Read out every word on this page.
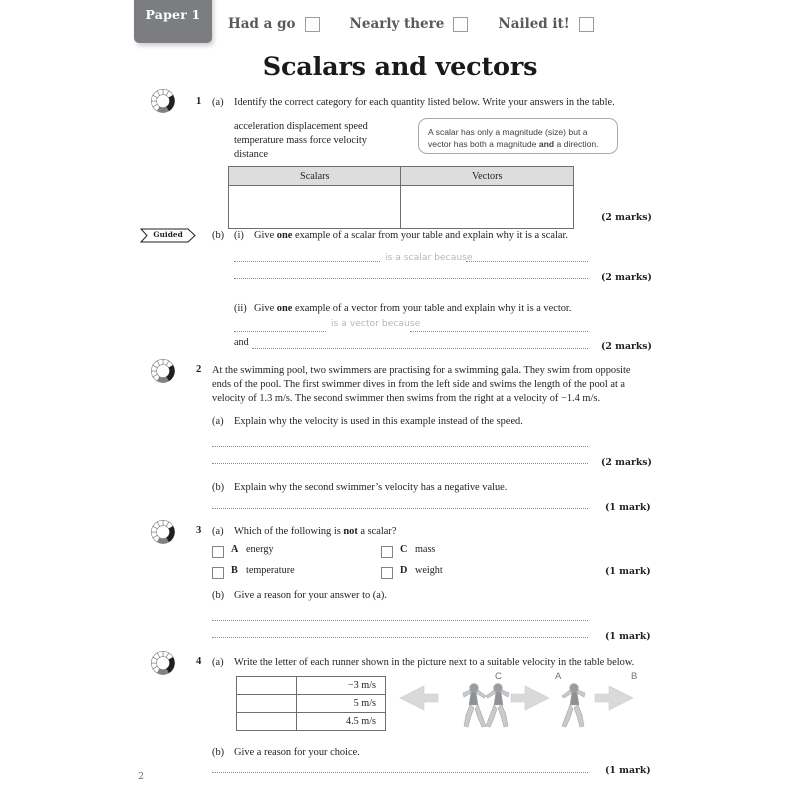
Paper 1
Had a go	Nearly there	Nailed it!
Scalars and vectors
1 (a) Identify the correct category for each quantity listed below. Write your answers in the table.
acceleration displacement speed
temperature mass force velocity
distance
A scalar has only a magnitude (size) but a vector has both a magnitude and a direction.
Scalars	Vectors

(2 marks)
Guided	(b) (i) Give one example of a scalar from your table and explain why it is a scalar.
is a scalar because
(2 marks)
(ii) Give one example of a vector from your table and explain why it is a vector.
is a vector because
and	(2 marks)
2 At the swimming pool, two swimmers are practising for a swimming gala. They swim from opposite
ends of the pool. The first swimmer dives in from the left side and swims the length of the pool at a
velocity of 1.3 m/s. The second swimmer then swims from the right at a velocity of −1.4 m/s.
(a) Explain why the velocity is used in this example instead of the speed.
(2 marks)
(b) Explain why the second swimmer’s velocity has a negative value.
(1 mark)
3 (a) Which of the following is not a scalar?
A energy
B temperature
C mass
D weight	(1 mark)
(b) Give a reason for your answer to (a).
(1 mark)
4 (a) Write the letter of each runner shown in the picture next to a suitable velocity in the table below.
	−3 m/s
	5 m/s
	4.5 m/s
C	A	B
(b) Give a reason for your choice.
(1 mark)
2
